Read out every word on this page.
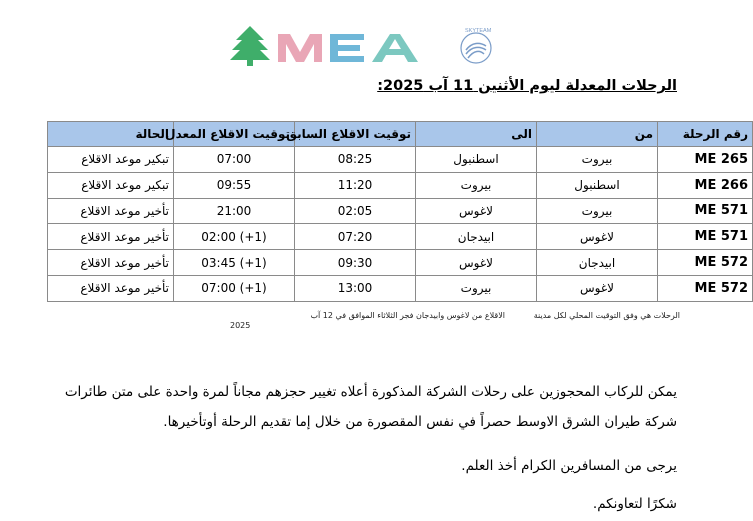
SKYTEAM
الرحلات المعدلة ليوم الأثنين 11 آب 2025:
رقم الرحلة	من	الى	توقيت الاقلاع السابق	توقيت الاقلاع المعدل	الحالة
ME 265	بيروت	اسطنبول	08:25	07:00	تبكير موعد الاقلاع
ME 266	اسطنبول	بيروت	11:20	09:55	تبكير موعد الاقلاع
ME 571	بيروت	لاغوس	02:05	21:00	تأخير موعد الاقلاع
ME 571	لاغوس	ابيدجان	07:20	02:00 (+1)	تأخير موعد الاقلاع
ME 572	ابيدجان	لاغوس	09:30	03:45 (+1)	تأخير موعد الاقلاع
ME 572	لاغوس	بيروت	13:00	07:00 (+1)	تأخير موعد الاقلاع
الرحلات هي وفق التوقيت المحلي لكل مدينة
الاقلاع من لاغوس وابيدجان فجر الثلاثاء الموافق في 12 آب
2025
يمكن للركاب المحجوزين على رحلات الشركة المذكورة أعلاه تغيير حجزهم مجاناً لمرة واحدة على متن طائرات
شركة طيران الشرق الاوسط حصراً في نفس المقصورة من خلال إما تقديم الرحلة أوتأخيرها.
يرجى من المسافرين الكرام أخذ العلم.
شكرًا لتعاونكم.
